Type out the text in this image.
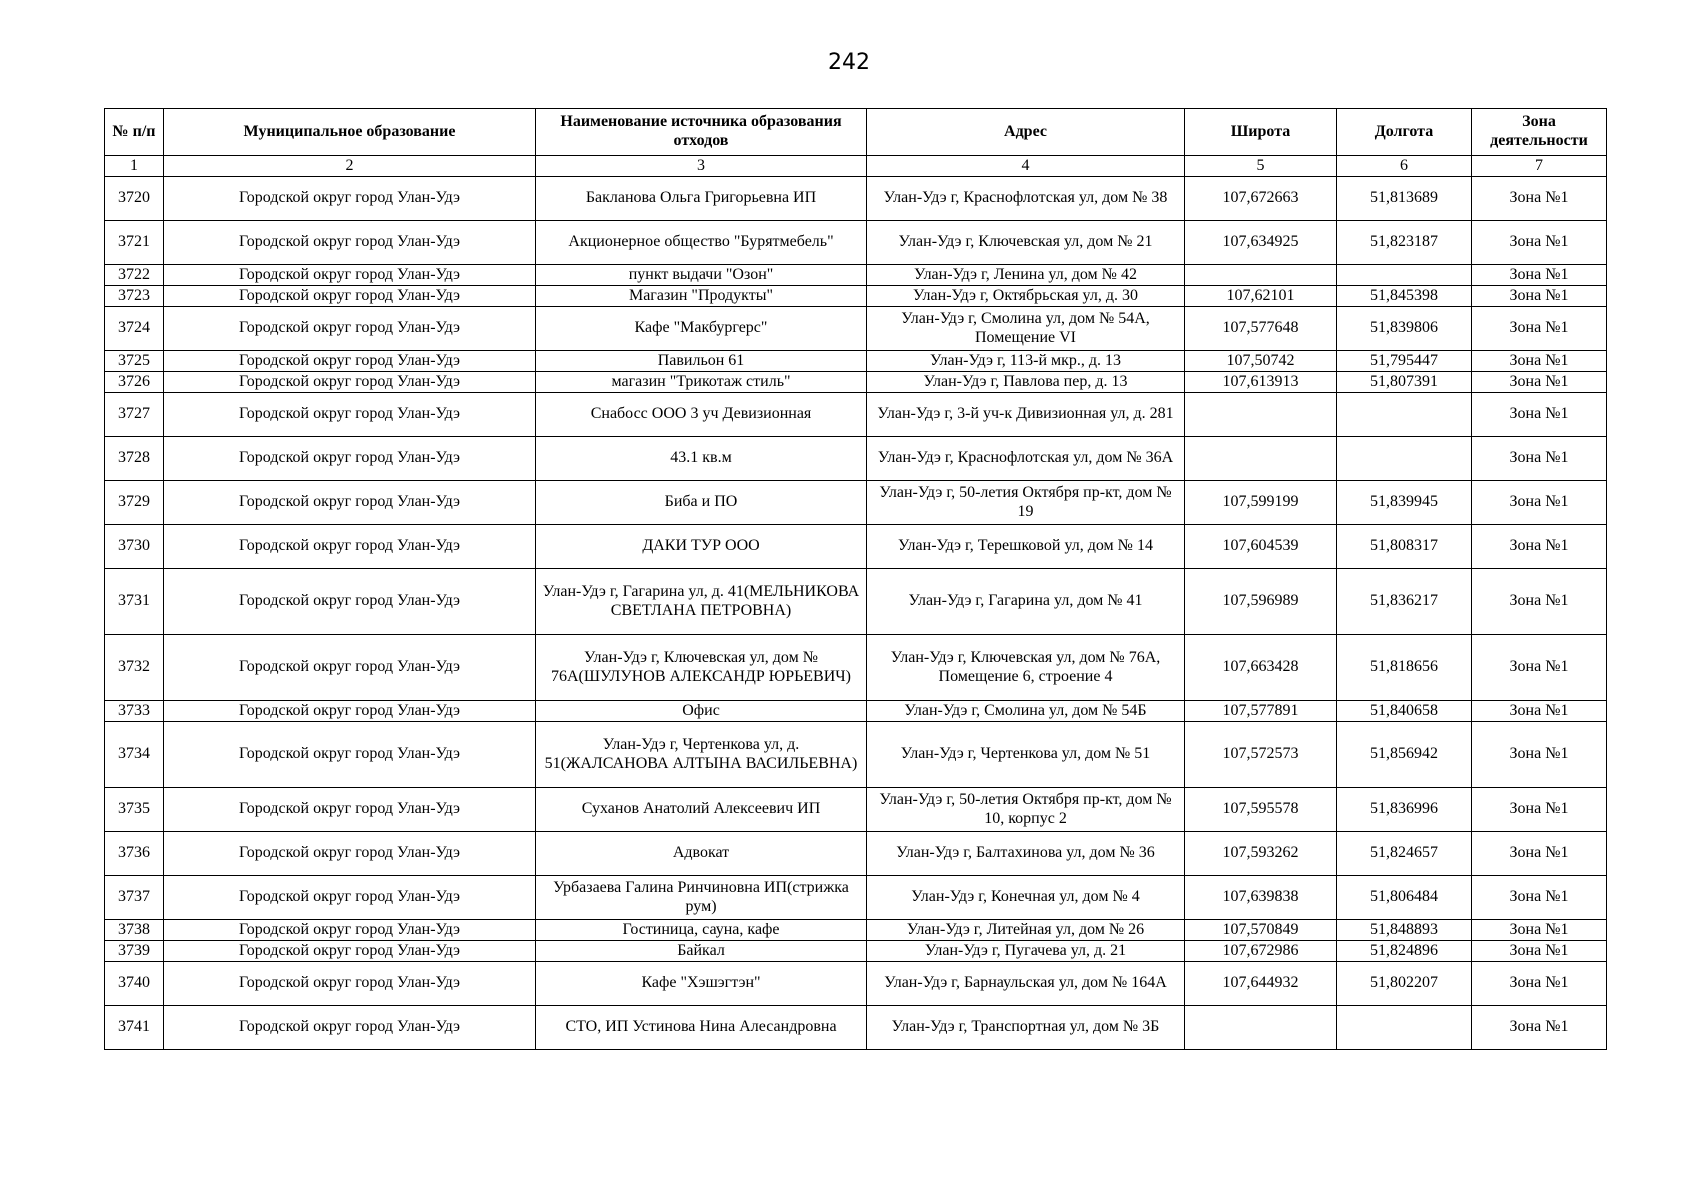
242
№ п/п	Муниципальное образование	Наименование источника образования отходов	Адрес	Широта	Долгота	Зона деятельности
1	2	3	4	5	6	7
3720	Городской округ город Улан-Удэ	Бакланова Ольга Григорьевна ИП	Улан-Удэ г, Краснофлотская ул, дом № 38	107,672663	51,813689	Зона №1
3721	Городской округ город Улан-Удэ	Акционерное общество "Бурятмебель"	Улан-Удэ г, Ключевская ул, дом № 21	107,634925	51,823187	Зона №1
3722	Городской округ город Улан-Удэ	пункт выдачи "Озон"	Улан-Удэ г, Ленина ул, дом № 42			Зона №1
3723	Городской округ город Улан-Удэ	Магазин "Продукты"	Улан-Удэ г, Октябрьская ул, д. 30	107,62101	51,845398	Зона №1
3724	Городской округ город Улан-Удэ	Кафе "Макбургерс"	Улан-Удэ г, Смолина ул, дом № 54А, Помещение VI	107,577648	51,839806	Зона №1
3725	Городской округ город Улан-Удэ	Павильон 61	Улан-Удэ г, 113-й мкр., д. 13	107,50742	51,795447	Зона №1
3726	Городской округ город Улан-Удэ	магазин "Трикотаж стиль"	Улан-Удэ г, Павлова пер, д. 13	107,613913	51,807391	Зона №1
3727	Городской округ город Улан-Удэ	Снабосс ООО 3 уч Девизионная	Улан-Удэ г, 3-й уч-к Дивизионная ул, д. 281			Зона №1
3728	Городской округ город Улан-Удэ	43.1 кв.м	Улан-Удэ г, Краснофлотская ул, дом № 36А			Зона №1
3729	Городской округ город Улан-Удэ	Биба и ПО	Улан-Удэ г, 50-летия Октября пр-кт, дом № 19	107,599199	51,839945	Зона №1
3730	Городской округ город Улан-Удэ	ДАКИ ТУР ООО	Улан-Удэ г, Терешковой ул, дом № 14	107,604539	51,808317	Зона №1
3731	Городской округ город Улан-Удэ	Улан-Удэ г, Гагарина ул, д. 41(МЕЛЬНИКОВА СВЕТЛАНА ПЕТРОВНА)	Улан-Удэ г, Гагарина ул, дом № 41	107,596989	51,836217	Зона №1
3732	Городской округ город Улан-Удэ	Улан-Удэ г, Ключевская ул, дом № 76А(ШУЛУНОВ АЛЕКСАНДР ЮРЬЕВИЧ)	Улан-Удэ г, Ключевская ул, дом № 76А, Помещение 6, строение 4	107,663428	51,818656	Зона №1
3733	Городской округ город Улан-Удэ	Офис	Улан-Удэ г, Смолина ул, дом № 54Б	107,577891	51,840658	Зона №1
3734	Городской округ город Улан-Удэ	Улан-Удэ г, Чертенкова ул, д. 51(ЖАЛСАНОВА АЛТЫНА ВАСИЛЬЕВНА)	Улан-Удэ г, Чертенкова ул, дом № 51	107,572573	51,856942	Зона №1
3735	Городской округ город Улан-Удэ	Суханов Анатолий Алексеевич ИП	Улан-Удэ г, 50-летия Октября пр-кт, дом № 10, корпус 2	107,595578	51,836996	Зона №1
3736	Городской округ город Улан-Удэ	Адвокат	Улан-Удэ г, Балтахинова ул, дом № 36	107,593262	51,824657	Зона №1
3737	Городской округ город Улан-Удэ	Урбазаева Галина Ринчиновна ИП(стрижка рум)	Улан-Удэ г, Конечная ул, дом № 4	107,639838	51,806484	Зона №1
3738	Городской округ город Улан-Удэ	Гостиница, сауна, кафе	Улан-Удэ г, Литейная ул, дом № 26	107,570849	51,848893	Зона №1
3739	Городской округ город Улан-Удэ	Байкал	Улан-Удэ г, Пугачева ул, д. 21	107,672986	51,824896	Зона №1
3740	Городской округ город Улан-Удэ	Кафе "Хэшэгтэн"	Улан-Удэ г, Барнаульская ул, дом № 164А	107,644932	51,802207	Зона №1
3741	Городской округ город Улан-Удэ	СТО, ИП Устинова Нина Алесандровна	Улан-Удэ г, Транспортная ул, дом № 3Б			Зона №1
